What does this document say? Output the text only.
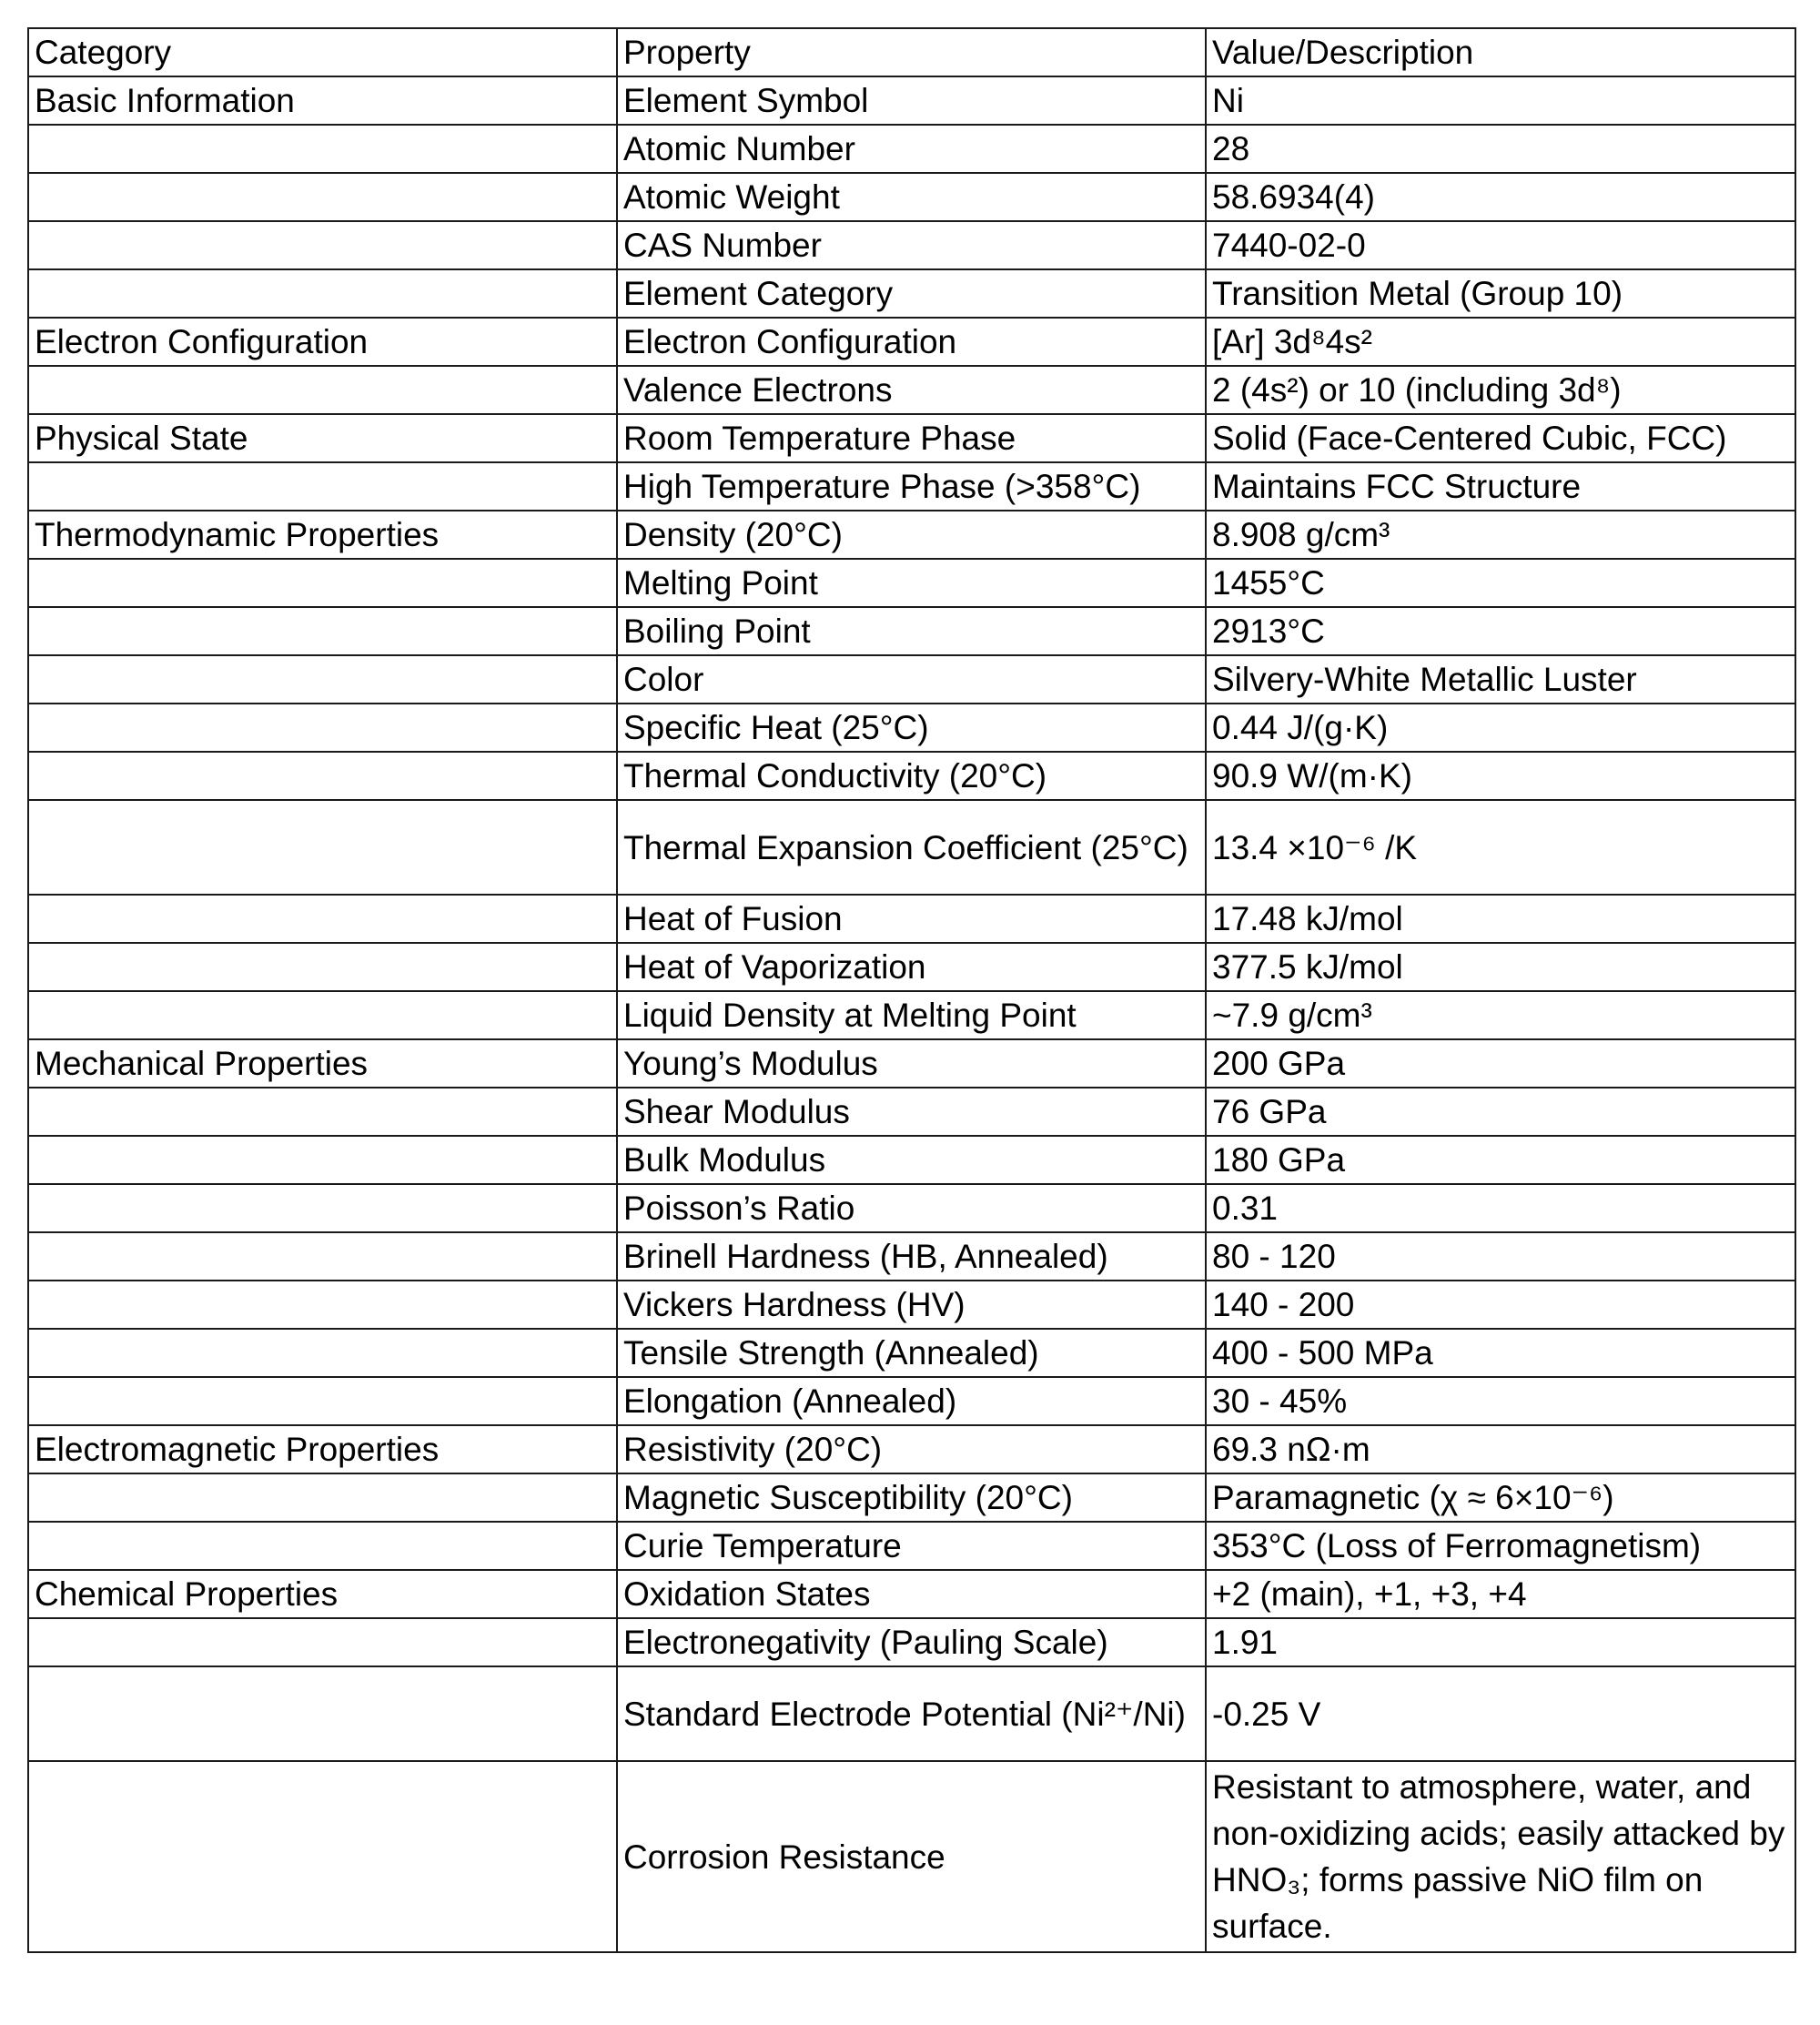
Category	Property	Value/Description
Basic Information	Element Symbol	Ni
	Atomic Number	28
	Atomic Weight	58.6934(4)
	CAS Number	7440-02-0
	Element Category	Transition Metal (Group 10)
Electron Configuration	Electron Configuration	[Ar] 3d⁸4s²
	Valence Electrons	2 (4s²) or 10 (including 3d⁸)
Physical State	Room Temperature Phase	Solid (Face-Centered Cubic, FCC)
	High Temperature Phase (>358°C)	Maintains FCC Structure
Thermodynamic Properties	Density (20°C)	8.908 g/cm³
	Melting Point	1455°C
	Boiling Point	2913°C
	Color	Silvery-White Metallic Luster
	Specific Heat (25°C)	0.44 J/(g·K)
	Thermal Conductivity (20°C)	90.9 W/(m·K)
	Thermal Expansion Coefficient (25°C)	13.4 ×10⁻⁶ /K
	Heat of Fusion	17.48 kJ/mol
	Heat of Vaporization	377.5 kJ/mol
	Liquid Density at Melting Point	~7.9 g/cm³
Mechanical Properties	Young’s Modulus	200 GPa
	Shear Modulus	76 GPa
	Bulk Modulus	180 GPa
	Poisson’s Ratio	0.31
	Brinell Hardness (HB, Annealed)	80 - 120
	Vickers Hardness (HV)	140 - 200
	Tensile Strength (Annealed)	400 - 500 MPa
	Elongation (Annealed)	30 - 45%
Electromagnetic Properties	Resistivity (20°C)	69.3 nΩ·m
	Magnetic Susceptibility (20°C)	Paramagnetic (χ ≈ 6×10⁻⁶)
	Curie Temperature	353°C (Loss of Ferromagnetism)
Chemical Properties	Oxidation States	+2 (main), +1, +3, +4
	Electronegativity (Pauling Scale)	1.91
	Standard Electrode Potential (Ni²⁺/Ni)	-0.25 V
	Corrosion Resistance	Resistant to atmosphere, water, and non-oxidizing acids; easily attacked by HNO₃; forms passive NiO film on surface.
